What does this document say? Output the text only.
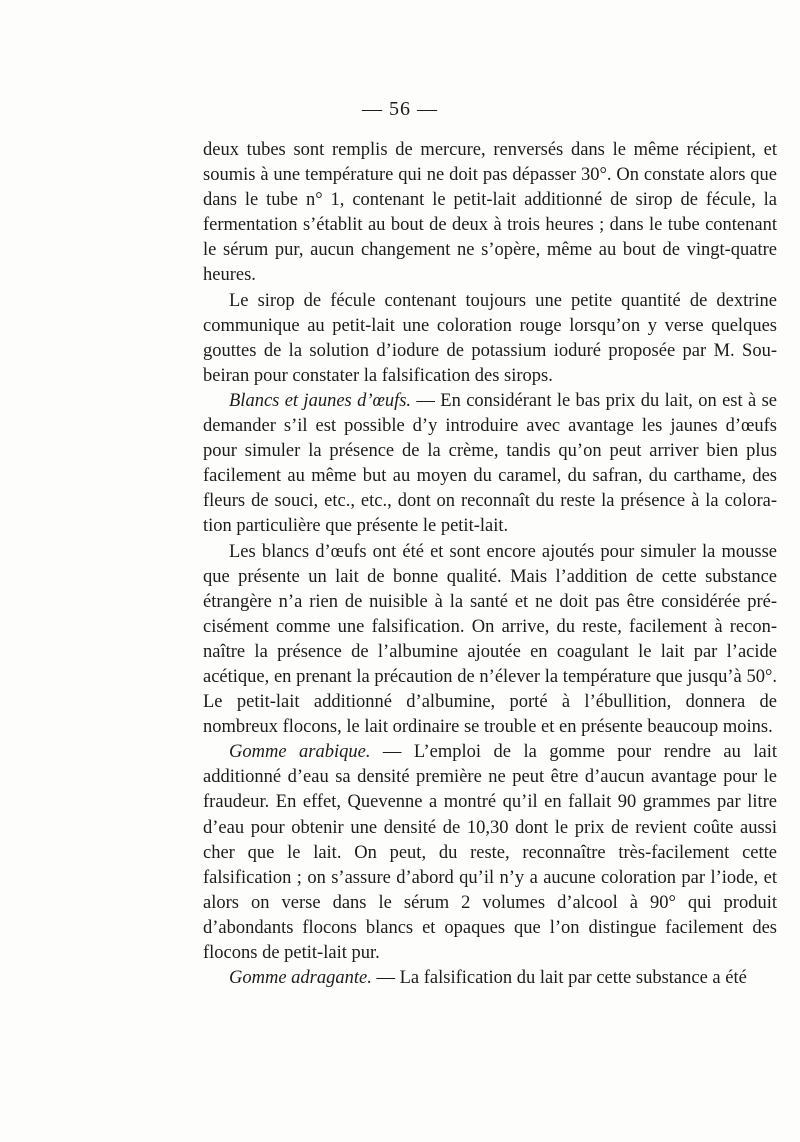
— 56 —

deux tubes sont remplis de mercure, renversés dans le même récipient, et soumis à une température qui ne doit pas dépasser 30°. On constate alors que dans le tube n° 1, contenant le petit-lait additionné de sirop de fécule, la fermentation s’établit au bout de deux à trois heures ; dans le tube contenant le sérum pur, aucun changement ne s’opère, même au bout de vingt-quatre heures.

Le sirop de fécule contenant toujours une petite quantité de dextrine communique au petit-lait une coloration rouge lorsqu’on y verse quelques gouttes de la solution d’iodure de potassium ioduré proposée par M. Soubeiran pour constater la falsification des sirops.

Blancs et jaunes d’œufs. — En considérant le bas prix du lait, on est à se demander s’il est possible d’y introduire avec avantage les jaunes d’œufs pour simuler la présence de la crème, tandis qu’on peut arriver bien plus facilement au même but au moyen du caramel, du safran, du carthame, des fleurs de souci, etc., etc., dont on reconnaît du reste la présence à la coloration particulière que présente le petit-lait.

Les blancs d’œufs ont été et sont encore ajoutés pour simuler la mousse que présente un lait de bonne qualité. Mais l’addition de cette substance étrangère n’a rien de nuisible à la santé et ne doit pas être considérée précisément comme une falsification. On arrive, du reste, facilement à reconnaître la présence de l’albumine ajoutée en coagulant le lait par l’acide acétique, en prenant la précaution de n’élever la température que jusqu’à 50°. Le petit-lait additionné d’albumine, porté à l’ébullition, donnera de nombreux flocons, le lait ordinaire se trouble et en présente beaucoup moins.

Gomme arabique. — L’emploi de la gomme pour rendre au lait additionné d’eau sa densité première ne peut être d’aucun avantage pour le fraudeur. En effet, Quevenne a montré qu’il en fallait 90 grammes par litre d’eau pour obtenir une densité de 10,30 dont le prix de revient coûte aussi cher que le lait. On peut, du reste, reconnaître très-facilement cette falsification ; on s’assure d’abord qu’il n’y a aucune coloration par l’iode, et alors on verse dans le sérum 2 volumes d’alcool à 90° qui produit d’abondants flocons blancs et opaques que l’on distingue facilement des flocons de petit-lait pur.

Gomme adragante. — La falsification du lait par cette substance a été
